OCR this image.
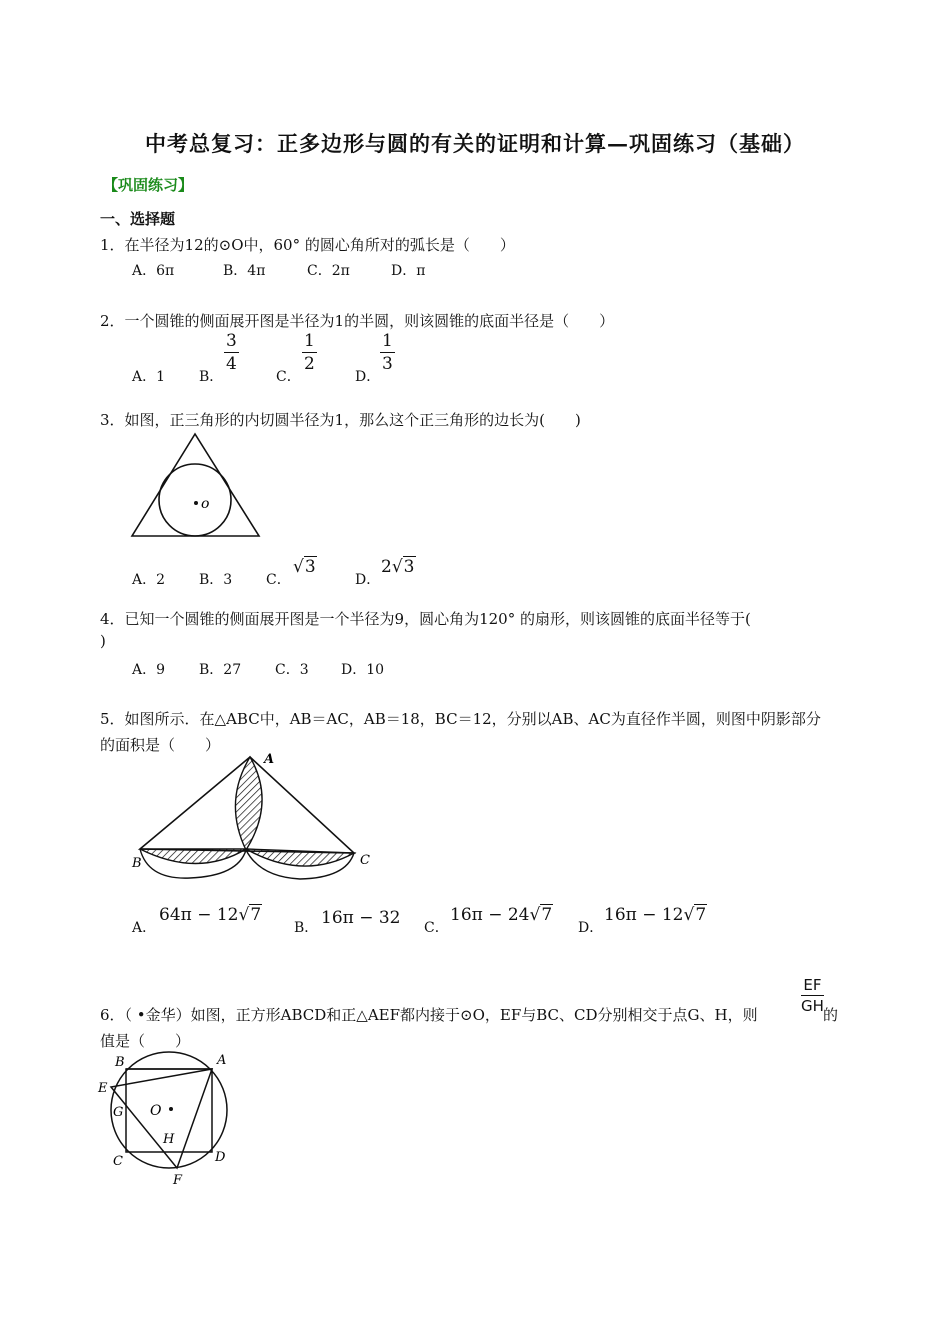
中考总复习：正多边形与圆的有关的证明和计算—巩固练习（基础）
【巩固练习】
一、选择题
1．在半径为12的⊙O中，60° 的圆心角所对的弧长是（　　）
A．6π	B．4π	C．2π	D．π
2．一个圆锥的侧面展开图是半径为1的半圆，则该圆锥的底面半径是（　　）
A．1 B．
$\frac{3}{4}$
C．
$\frac{1}{2}$
D．
$\frac{1}{3}$
3．如图，正三角形的内切圆半径为1，那么这个正三角形的边长为(　　)
o
A．2 B．3 C．
√3
D．
2√3
4．已知一个圆锥的侧面展开图是一个半径为9，圆心角为120° 的扇形，则该圆锥的底面半径等于(
)
A．9 B．27 C．3 D．10
5．如图所示．在△ABC中，AB＝AC，AB＝18，BC＝12，分别以AB、AC为直径作半圆，则图中阴影部分
的面积是（　　）
A
B	C
A．
64π − 12√7
B． 16π − 32 C．
16π − 24√7
D．
16π − 12√7
6．（ •金华）如图，正方形ABCD和正△AEF都内接于⊙O，EF与BC、CD分别相交于点G、H，则
$\frac{EF}{GH}$
的
值是（　　）
B	A
E
G O
H
C	D
F
